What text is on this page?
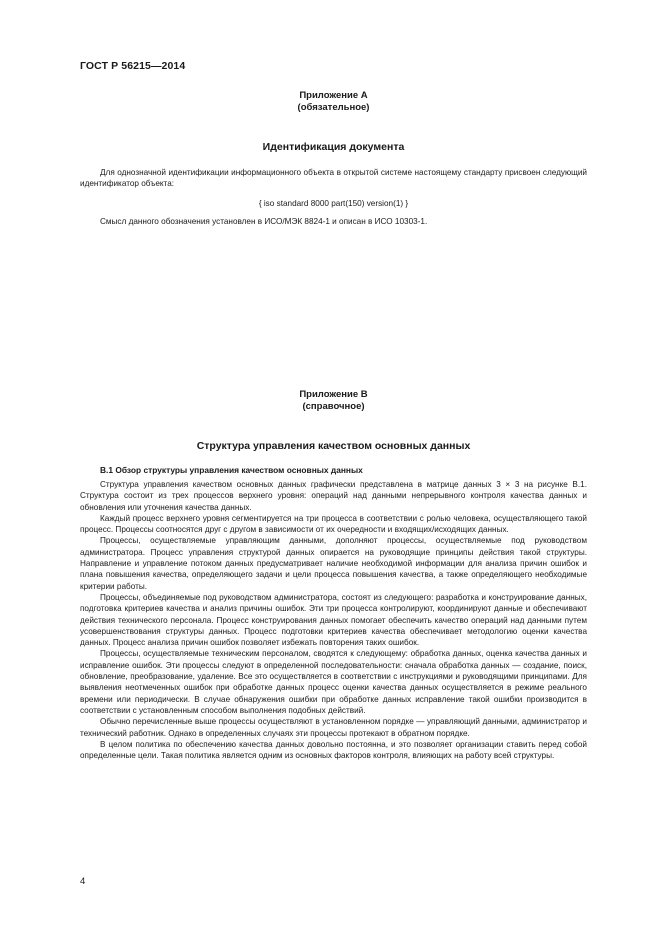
ГОСТ Р 56215—2014
Приложение А
(обязательное)
Идентификация документа

Для однозначной идентификации информационного объекта в открытой системе настоящему стандарту присвоен следующий идентификатор объекта:

{ iso standard 8000 part(150) version(1) }

Смысл данного обозначения установлен в ИСО/МЭК 8824-1 и описан в ИСО 10303-1.

Приложение В
(справочное)
Структура управления качеством основных данных
В.1 Обзор структуры управления качеством основных данных

Структура управления качеством основных данных графически представлена в матрице данных 3 × 3 на рисунке В.1. Структура состоит из трех процессов верхнего уровня: операций над данными непрерывного контроля качества данных и обновления или уточнения качества данных.

Каждый процесс верхнего уровня сегментируется на три процесса в соответствии с ролью человека, осуществляющего такой процесс. Процессы соотносятся друг с другом в зависимости от их очередности и входящих/исходящих данных.

Процессы, осуществляемые управляющим данными, дополняют процессы, осуществляемые под руководством администратора. Процесс управления структурой данных опирается на руководящие принципы действия такой структуры. Направление и управление потоком данных предусматривает наличие необходимой информации для анализа причин ошибок и плана повышения качества, определяющего задачи и цели процесса повышения качества, а также определяющего необходимые критерии работы.

Процессы, объединяемые под руководством администратора, состоят из следующего: разработка и конструирование данных, подготовка критериев качества и анализ причины ошибок. Эти три процесса контролируют, координируют данные и обеспечивают действия технического персонала. Процесс конструирования данных помогает обеспечить качество операций над данными путем усовершенствования структуры данных. Процесс подготовки критериев качества обеспечивает методологию оценки качества данных. Процесс анализа причин ошибок позволяет избежать повторения таких ошибок.

Процессы, осуществляемые техническим персоналом, сводятся к следующему: обработка данных, оценка качества данных и исправление ошибок. Эти процессы следуют в определенной последовательности: сначала обработка данных — создание, поиск, обновление, преобразование, удаление. Все это осуществляется в соответствии с инструкциями и руководящими принципами. Для выявления неотмеченных ошибок при обработке данных процесс оценки качества данных осуществляется в режиме реального времени или периодически. В случае обнаружения ошибки при обработке данных исправление такой ошибки производится в соответствии с установленным способом выполнения подобных действий.

Обычно перечисленные выше процессы осуществляют в установленном порядке — управляющий данными, администратор и технический работник. Однако в определенных случаях эти процессы протекают в обратном порядке.

В целом политика по обеспечению качества данных довольно постоянна, и это позволяет организации ставить перед собой определенные цели. Такая политика является одним из основных факторов контроля, влияющих на работу всей структуры.

4
